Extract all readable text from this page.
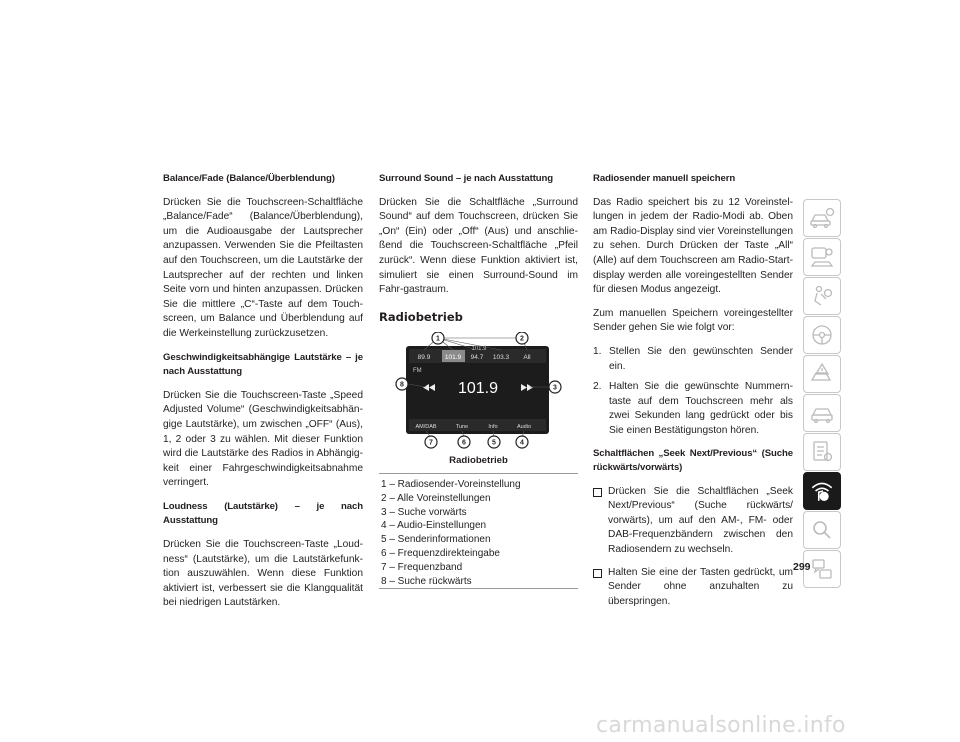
Balance/Fade (Balance/Überblendung)

Drücken Sie die Touchscreen-Schaltfläche „Balance/Fade“ (Balance/Überblendung), um die Audioausgabe der Lautsprecher anzupassen. Verwenden Sie die Pfeiltasten auf den Touchscreen, um die Lautstärke der Lautsprecher auf der rechten und linken Seite vorn und hinten anzupassen. Drücken Sie die mittlere „C“-Taste auf dem Touch-screen, um Balance und Überblendung auf die Werkeinstellung zurückzusetzen.

Geschwindigkeitsabhängige Lautstärke – je nach Ausstattung

Drücken Sie die Touchscreen-Taste „Speed Adjusted Volume“ (Geschwindigkeitsabhän-gige Lautstärke), um zwischen „OFF“ (Aus), 1, 2 oder 3 zu wählen. Mit dieser Funktion wird die Lautstärke des Radios in Abhängig-keit einer Fahrgeschwindigkeitsabnahme verringert.

Loudness (Lautstärke) – je nach Ausstattung

Drücken Sie die Touchscreen-Taste „Loud-ness“ (Lautstärke), um die Lautstärkefunk-tion auszuwählen. Wenn diese Funktion aktiviert ist, verbessert sie die Klangqualität bei niedrigen Lautstärken.

Surround Sound – je nach Ausstattung

Drücken Sie die Schaltfläche „Surround Sound“ auf dem Touchscreen, drücken Sie „On“ (Ein) oder „Off“ (Aus) und anschlie-ßend die Touchscreen-Schaltfläche „Pfeil zurück“. Wenn diese Funktion aktiviert ist, simuliert sie einen Surround-Sound im Fahr-gastraum.

Radiobetrieb
89.9 101.9 94.7 103.3 All
101.9
FM
101.9
AM/DAB	Tune	Info	Audio
1	2
3
4
5
6
7
8
Radiobetrieb
1 – Radiosender-Voreinstellung
2 – Alle Voreinstellungen
3 – Suche vorwärts
4 – Audio-Einstellungen
5 – Senderinformationen
6 – Frequenzdirekteingabe
7 – Frequenzband
8 – Suche rückwärts

Radiosender manuell speichern

Das Radio speichert bis zu 12 Voreinstel-lungen in jedem der Radio-Modi ab. Oben am Radio-Display sind vier Voreinstellungen zu sehen. Durch Drücken der Taste „All“ (Alle) auf dem Touchscreen am Radio-Start-display werden alle voreingestellten Sender für diesen Modus angezeigt.

Zum manuellen Speichern voreingestellter Sender gehen Sie wie folgt vor:

1. Stellen Sie den gewünschten Sender ein.
2. Halten Sie die gewünschte Nummern-taste auf dem Touchscreen mehr als zwei Sekunden lang gedrückt oder bis Sie einen Bestätigungston hören.

Schaltflächen „Seek Next/Previous“ (Suche rückwärts/vorwärts)

Drücken Sie die Schaltflächen „Seek Next/Previous“ (Suche rückwärts/ vorwärts), um auf den AM-, FM- oder DAB-Frequenzbändern zwischen den Radiosendern zu wechseln.
Halten Sie eine der Tasten gedrückt, um Sender ohne anzuhalten zu überspringen.
299
carmanualsonline.info
